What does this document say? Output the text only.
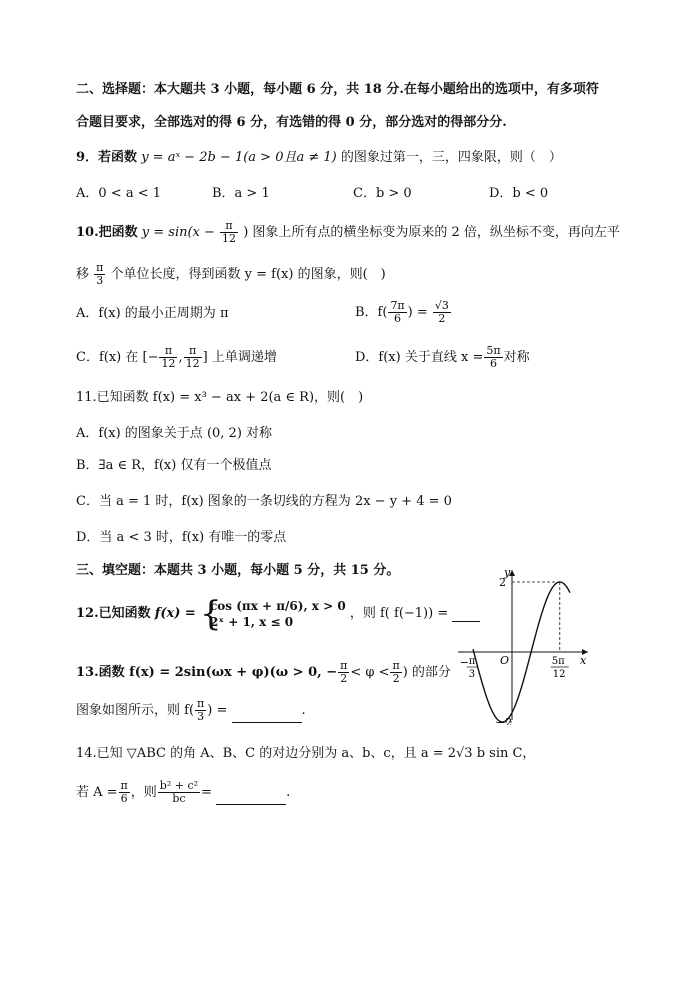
二、选择题：本大题共 3 小题，每小题 6 分，共 18 分.在每小题给出的选项中，有多项符
合题目要求，全部选对的得 6 分，有选错的得 0 分，部分选对的得部分分.
9．若函数 y = aˣ − 2b − 1(a > 0且a ≠ 1) 的图象过第一，三，四象限，则（　）
A．0 < a < 1	B．a > 1	C．b > 0	D．b < 0
10.把函数 $y = \sin(x - \frac{\pi}{12}$ ) 图象上所有点的横坐标变为原来的 2 倍，纵坐标不变，再向左平
移 $\frac{\pi}{3}$ 个单位长度，得到函数 y = f(x) 的图象，则(　)
A．f(x) 的最小正周期为 π	B．$f( \frac{7\pi}{6}$ ) = $\frac{√3}{2}$
C．f(x) 在 [− $\frac{\pi}{12}$ , $\frac{\pi}{12}$ ] 上单调递增	D．f(x) 关于直线 $x = \frac{5\pi}{6}$ 对称
11.已知函数 f(x) = x³ − ax + 2(a ∈ R)，则(　)
A．f(x) 的图象关于点 (0, 2) 对称
B．∃a ∈ R，f(x) 仅有一个极值点
C．当 a = 1 时，f(x) 图象的一条切线的方程为 2x − y + 4 = 0
D．当 a < 3 时，f(x) 有唯一的零点
三、填空题：本题共 3 小题，每小题 5 分，共 15 分。
12.已知函数 f(x) = {
cos (πx + π/6), x > 0
2ˣ + 1, x ≤ 0
，则 f( f(−1)) =
13.函数 f(x) = 2sin(ωx + φ)(ω > 0, − $\frac{\pi}{2} < \varphi < \frac{\pi}{2}$ ) 的部分
图象如图所示，则 $f( \frac{\pi}{3}$ ) =	.
14.已知 ▽ABC 的角 A、B、C 的对边分别为 a、b、c，且 a = 2√3 b sin C，
若 $A = \frac{\pi}{6}$ ，则 $\frac{\text{b² + c²}}{bc}$ =	.
y
x
O
2
−2
− π
3
5π
12
